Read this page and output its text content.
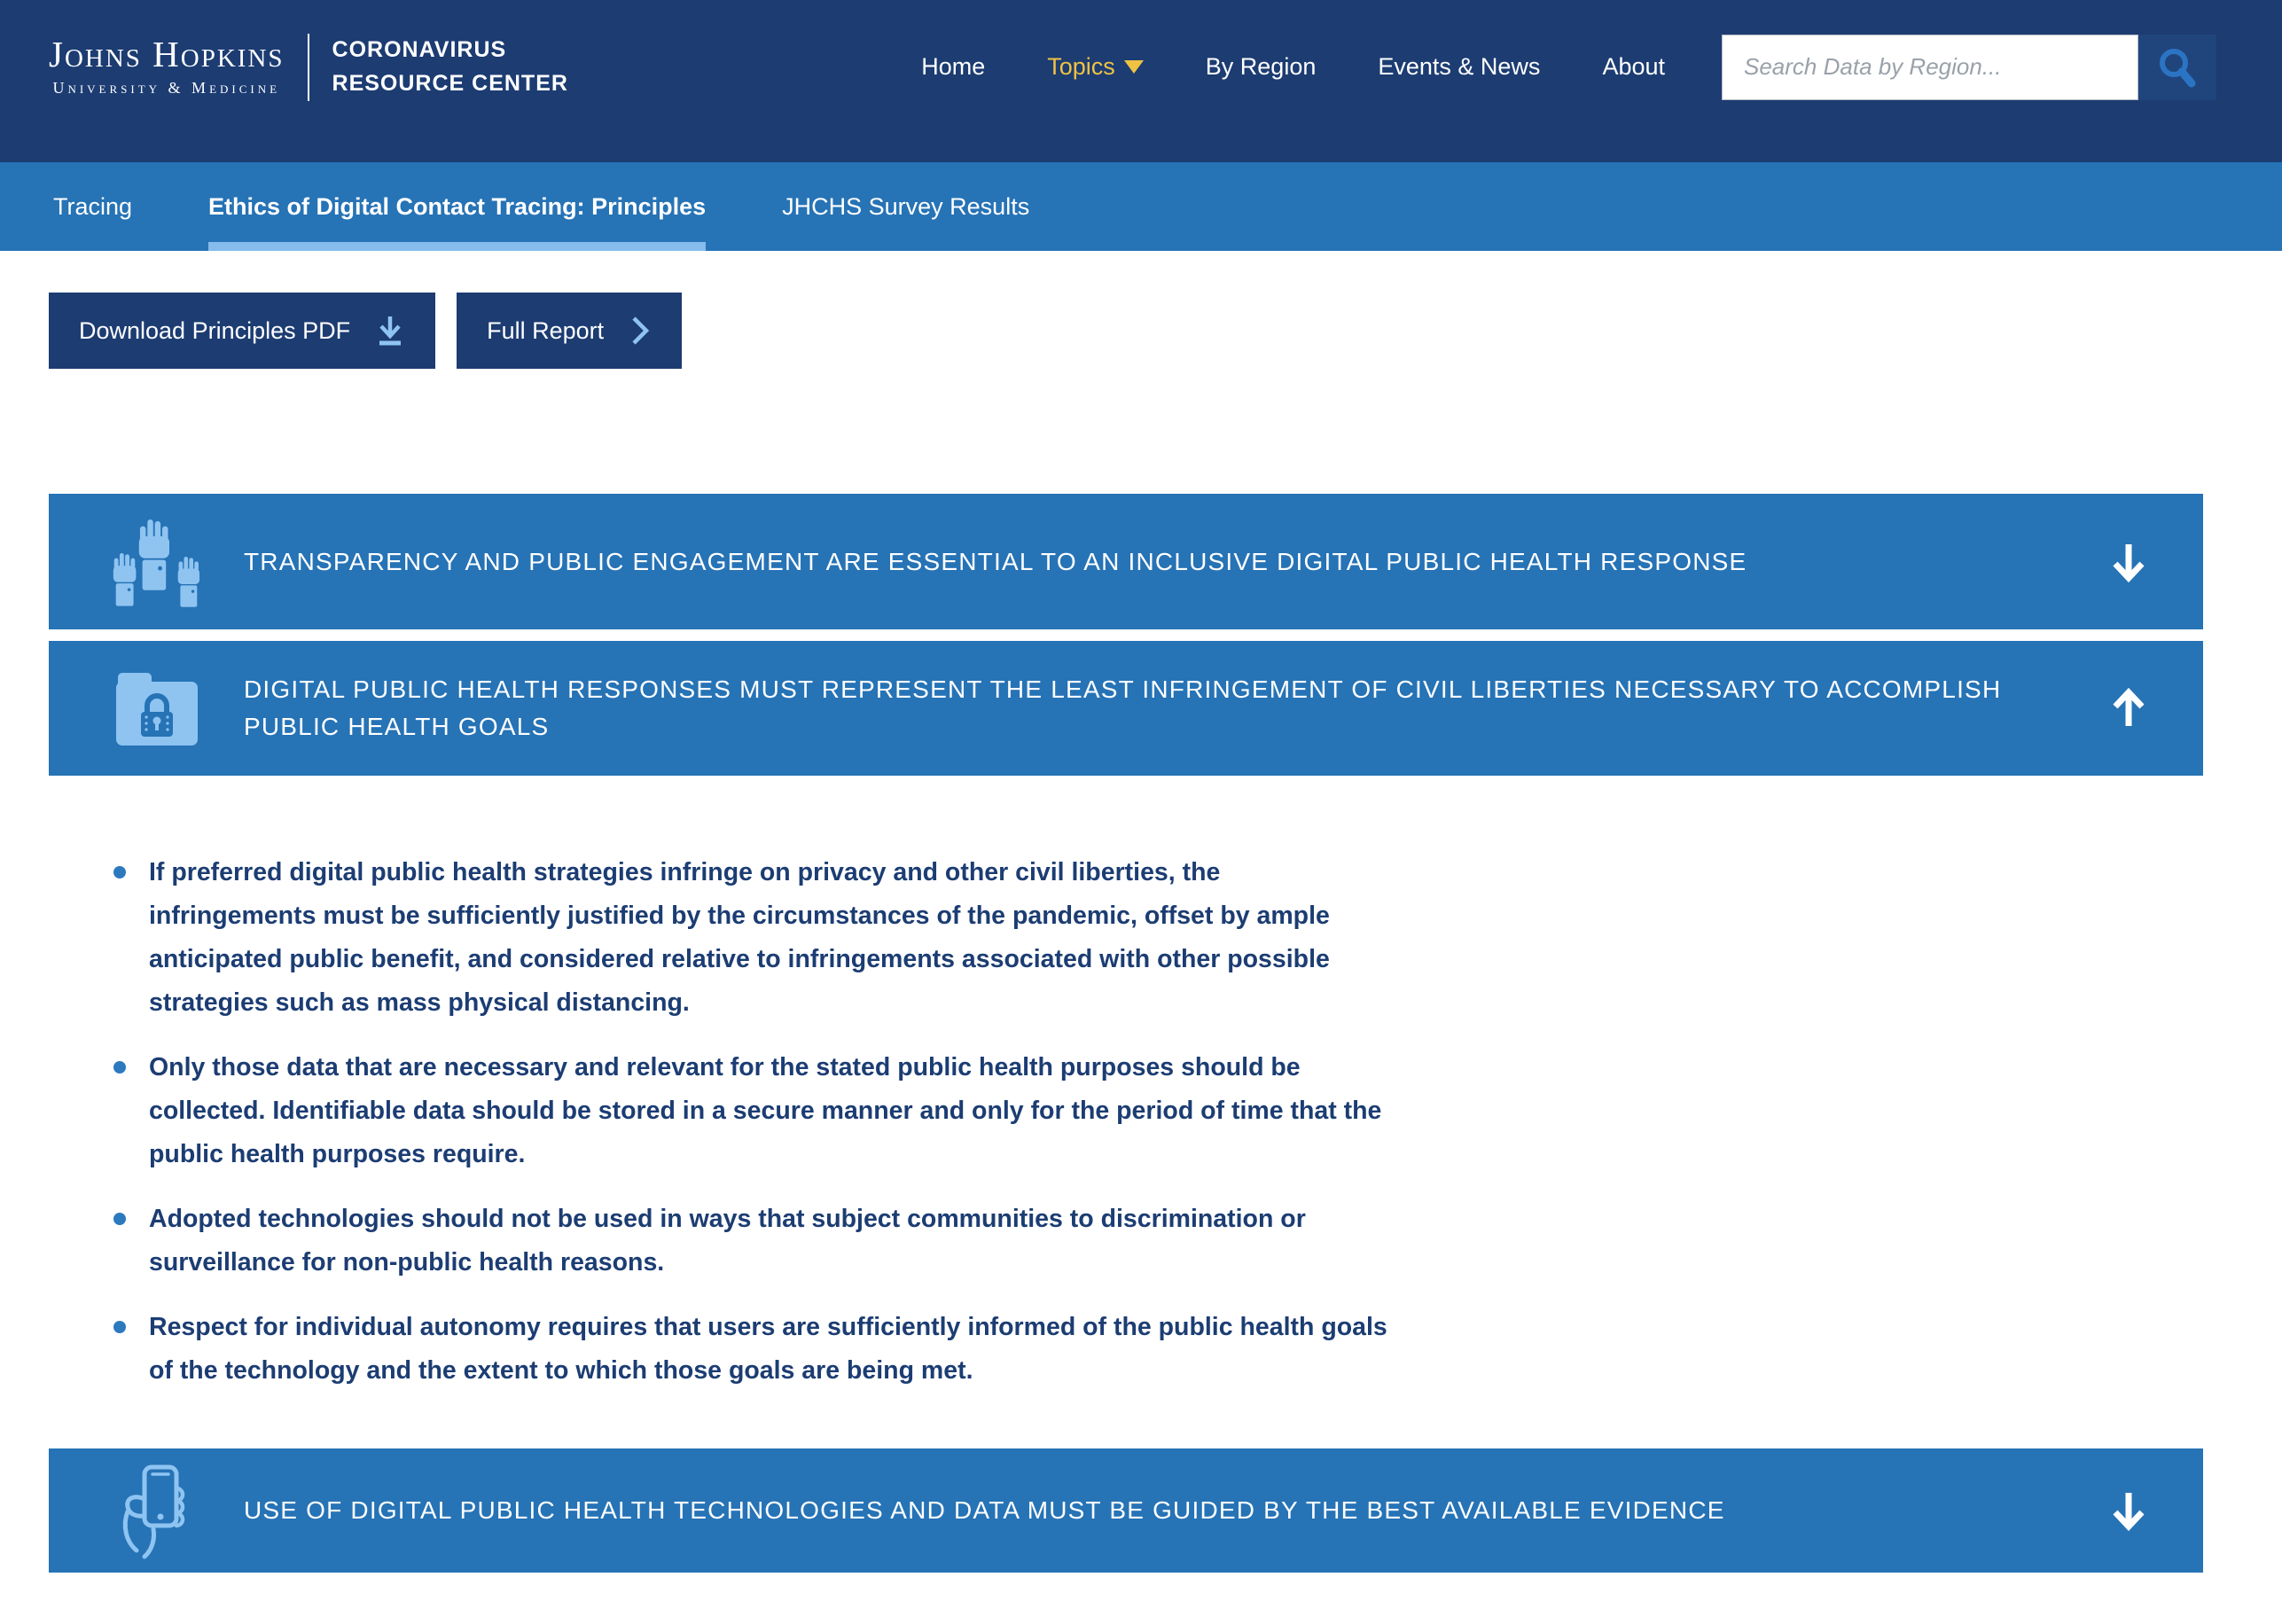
Johns Hopkins
University & Medicine
CORONAVIRUS
RESOURCE CENTER
Home	Topics	By Region	Events & News	About
Search Data by Region...
Tracing	Ethics of Digital Contact Tracing: Principles	JHCHS Survey Results
Download Principles PDF	Full Report
TRANSPARENCY AND PUBLIC ENGAGEMENT ARE ESSENTIAL TO AN INCLUSIVE DIGITAL PUBLIC HEALTH RESPONSE
DIGITAL PUBLIC HEALTH RESPONSES MUST REPRESENT THE LEAST INFRINGEMENT OF CIVIL LIBERTIES NECESSARY TO ACCOMPLISH PUBLIC HEALTH GOALS
If preferred digital public health strategies infringe on privacy and other civil liberties, the infringements must be sufficiently justified by the circumstances of the pandemic, offset by ample anticipated public benefit, and considered relative to infringements associated with other possible strategies such as mass physical distancing.
Only those data that are necessary and relevant for the stated public health purposes should be collected. Identifiable data should be stored in a secure manner and only for the period of time that the public health purposes require.
Adopted technologies should not be used in ways that subject communities to discrimination or surveillance for non-public health reasons.
Respect for individual autonomy requires that users are sufficiently informed of the public health goals of the technology and the extent to which those goals are being met.
USE OF DIGITAL PUBLIC HEALTH TECHNOLOGIES AND DATA MUST BE GUIDED BY THE BEST AVAILABLE EVIDENCE
